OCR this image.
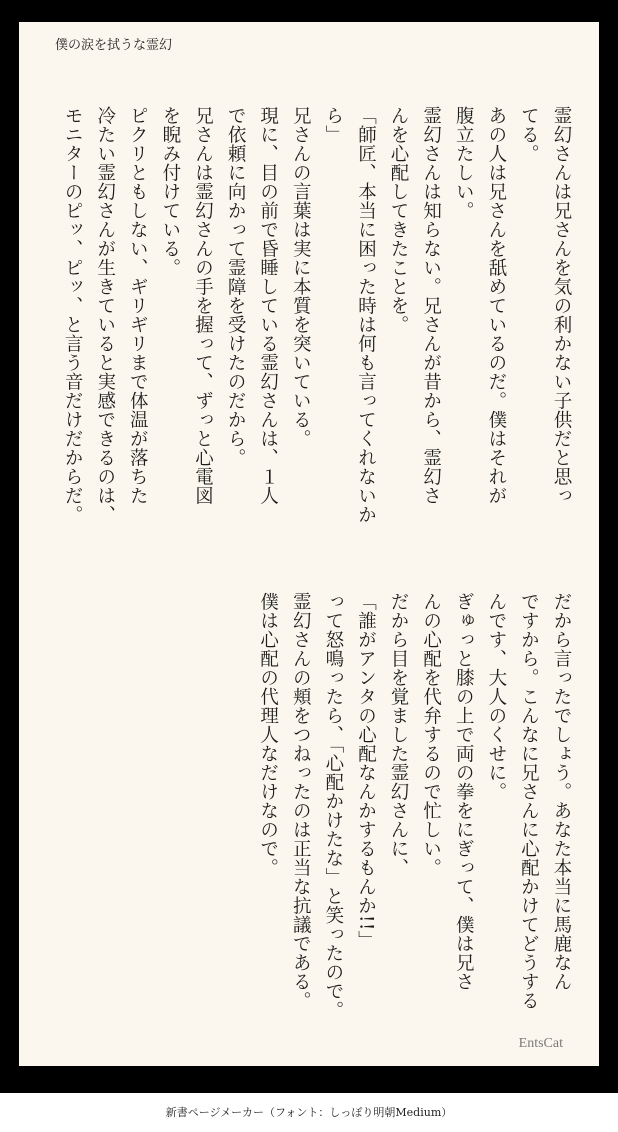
僕の涙を拭うな霊幻

霊幻さんは兄さんを気の利かない子供だと思っ

てる。

あの人は兄さんを舐めているのだ。僕はそれが

腹立たしい。

霊幻さんは知らない。兄さんが昔から、霊幻さ

んを心配してきたことを。

「師匠、本当に困った時は何も言ってくれないか

ら」

兄さんの言葉は実に本質を突いている。

現に、目の前で昏睡している霊幻さんは、１人

で依頼に向かって霊障を受けたのだから。

兄さんは霊幻さんの手を握って、ずっと心電図

を睨み付けている。

ピクリともしない、ギリギリまで体温が落ちた

冷たい霊幻さんが生きていると実感できるのは、

モニターのピッ、ピッ、と言う音だけだからだ。

だから言ったでしょう。あなた本当に馬鹿なん

ですから。こんなに兄さんに心配かけてどうする

んです、大人のくせに。

ぎゅっと膝の上で両の拳をにぎって、僕は兄さ

んの心配を代弁するので忙しい。

だから目を覚ました霊幻さんに、

「誰がアンタの心配なんかするもんか!!」

って怒鳴ったら、「心配かけたな」と笑ったので。

霊幻さんの頬をつねったのは正当な抗議である。

僕は心配の代理人なだけなので。

EntsCat
新書ページメーカー（フォント：しっぽり明朝Medium）
